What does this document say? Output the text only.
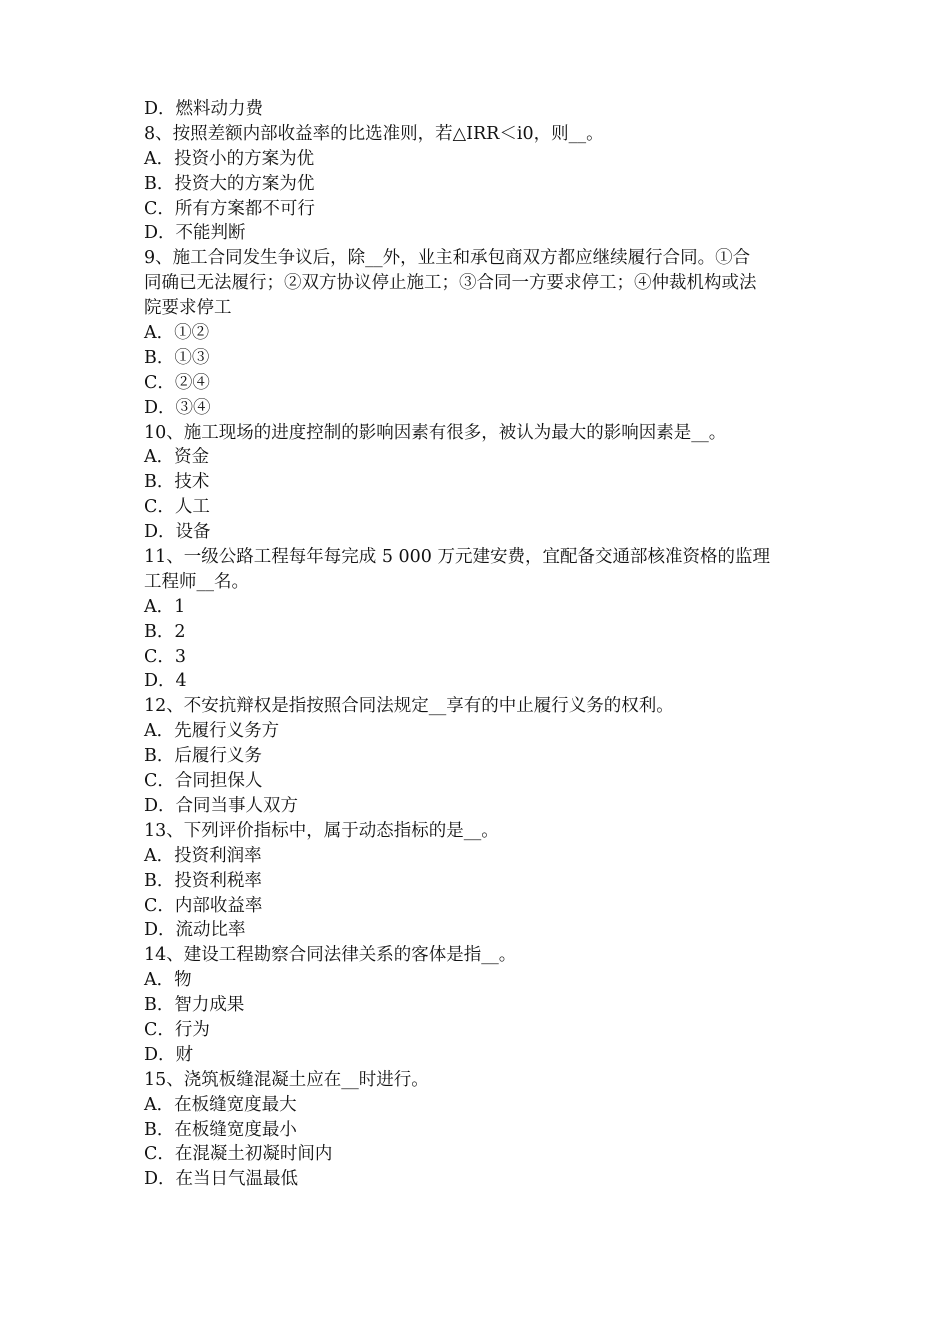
D．燃料动力费
8、按照差额内部收益率的比选准则，若△IRR＜i0，则__。
A．投资小的方案为优
B．投资大的方案为优
C．所有方案都不可行
D．不能判断
9、施工合同发生争议后，除__外，业主和承包商双方都应继续履行合同。①合
同确已无法履行；②双方协议停止施工；③合同一方要求停工；④仲裁机构或法
院要求停工
A．①②
B．①③
C．②④
D．③④
10、施工现场的进度控制的影响因素有很多，被认为最大的影响因素是__。
A．资金
B．技术
C．人工
D．设备
11、一级公路工程每年每完成 5 000 万元建安费，宜配备交通部核准资格的监理
工程师__名。
A．1
B．2
C．3
D．4
12、不安抗辩权是指按照合同法规定__享有的中止履行义务的权利。
A．先履行义务方
B．后履行义务
C．合同担保人
D．合同当事人双方
13、下列评价指标中，属于动态指标的是__。
A．投资利润率
B．投资利税率
C．内部收益率
D．流动比率
14、建设工程勘察合同法律关系的客体是指__。
A．物
B．智力成果
C．行为
D．财
15、浇筑板缝混凝土应在__时进行。
A．在板缝宽度最大
B．在板缝宽度最小
C．在混凝土初凝时间内
D．在当日气温最低
